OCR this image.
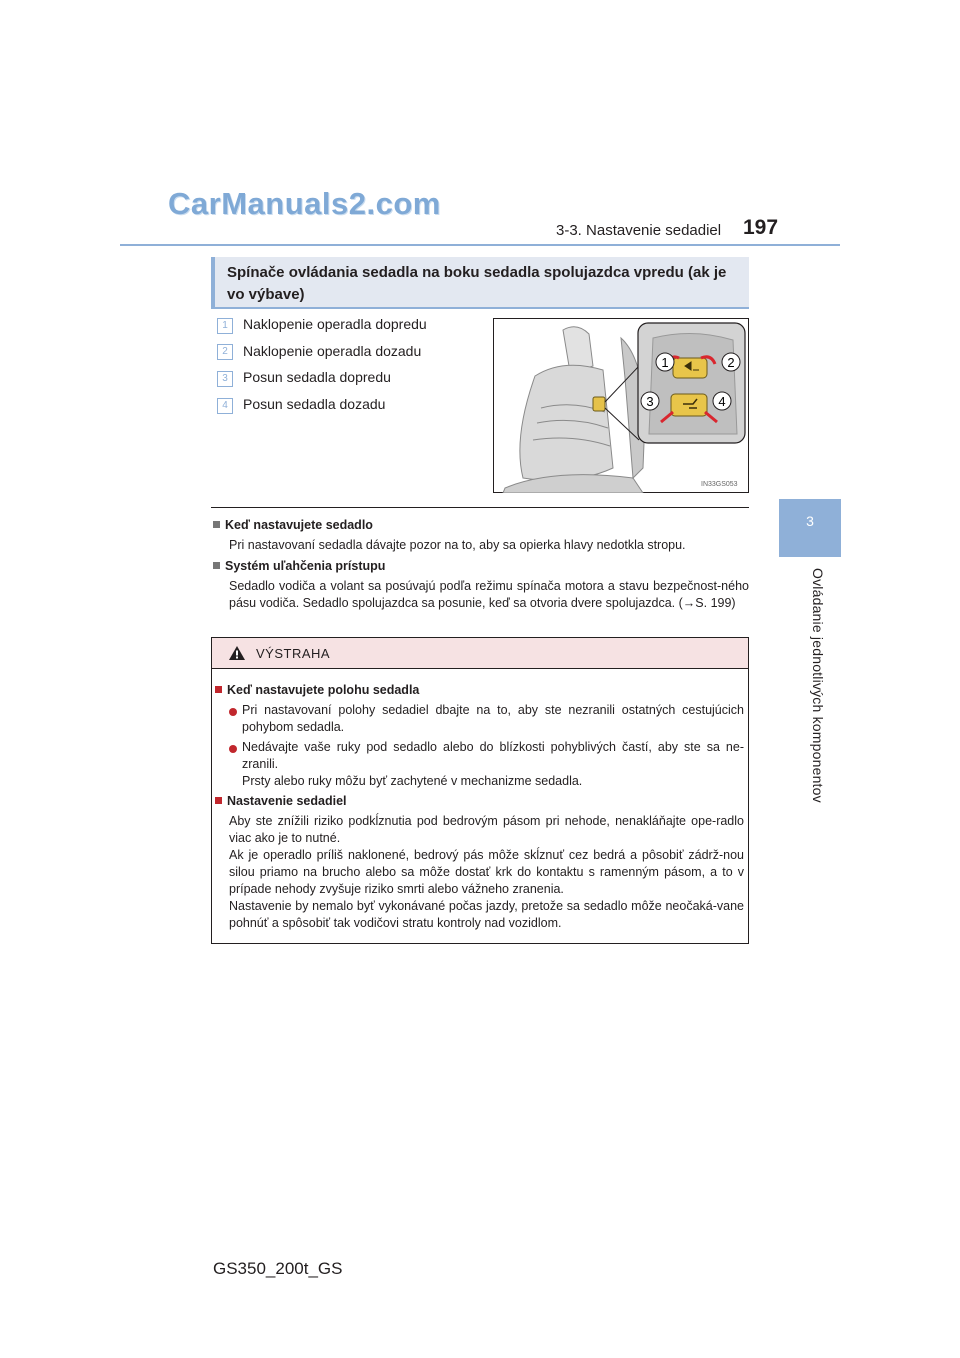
CarManuals2.com
3-3. Nastavenie sedadiel 197
3
Ovládanie jednotlivých komponentov
Spínače ovládania sedadla na boku sedadla spolujazdca vpredu (ak je vo výbave)
1	Naklopenie operadla dopredu
2	Naklopenie operadla dozadu
3	Posun sedadla dopredu
4	Posun sedadla dozadu
1	2
3	4
IN33GS053
Keď nastavujete sedadlo
Pri nastavovaní sedadla dávajte pozor na to, aby sa opierka hlavy nedotkla stropu.
Systém uľahčenia prístupu
Sedadlo vodiča a volant sa posúvajú podľa režimu spínača motora a stavu bezpečnost-ného pásu vodiča. Sedadlo spolujazdca sa posunie, keď sa otvoria dvere spolujazdca. (→S. 199)
VÝSTRAHA
Keď nastavujete polohu sedadla
Pri nastavovaní polohy sedadiel dbajte na to, aby ste nezranili ostatných cestujúcich pohybom sedadla.
Nedávajte vaše ruky pod sedadlo alebo do blízkosti pohyblivých častí, aby ste sa ne-zranili.
Prsty alebo ruky môžu byť zachytené v mechanizme sedadla.
Nastavenie sedadiel
Aby ste znížili riziko podkĺznutia pod bedrovým pásom pri nehode, nenakláňajte ope-radlo viac ako je to nutné.
Ak je operadlo príliš naklonené, bedrový pás môže skĺznuť cez bedrá a pôsobiť zádrž-nou silou priamo na brucho alebo sa môže dostať krk do kontaktu s ramenným pásom, a to v prípade nehody zvyšuje riziko smrti alebo vážneho zranenia.
Nastavenie by nemalo byť vykonávané počas jazdy, pretože sa sedadlo môže neočaká-vane pohnúť a spôsobiť tak vodičovi stratu kontroly nad vozidlom.
GS350_200t_GS
